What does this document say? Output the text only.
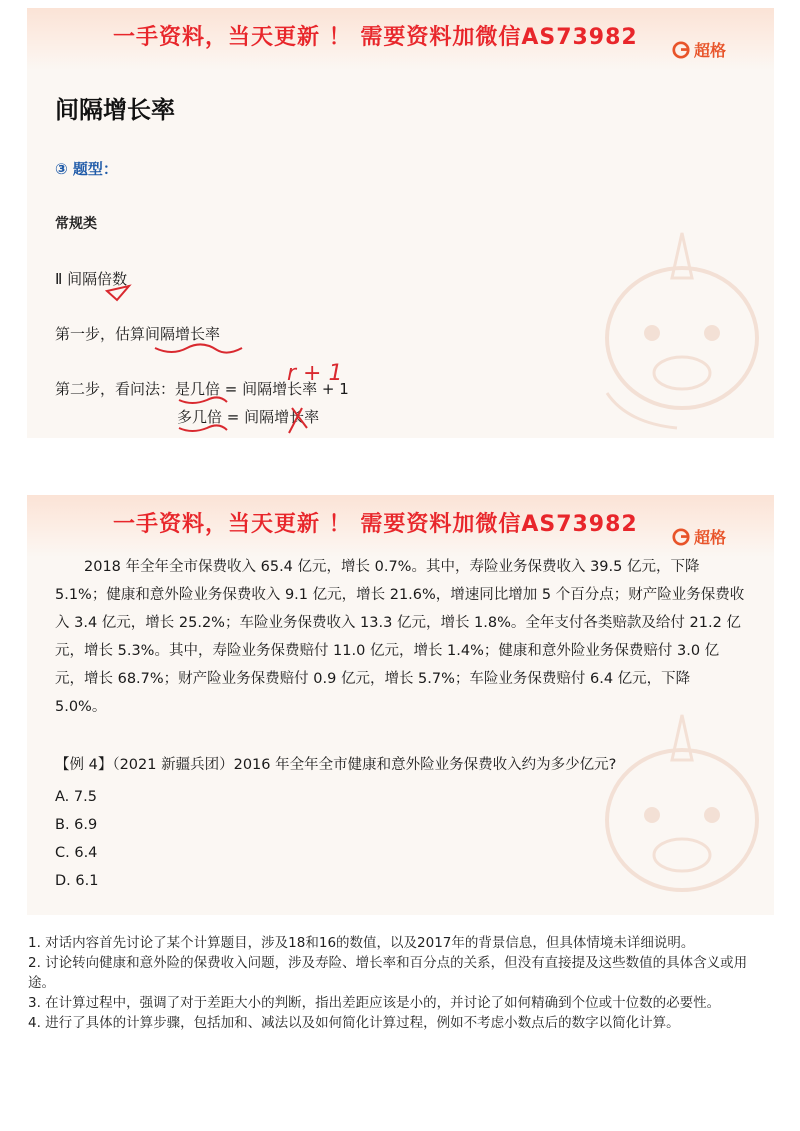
一手资料，当天更新 ！ 需要资料加微信AS73982
超格
间隔增长率
③ 题型：
常规类
Ⅱ 间隔倍数
第一步，估算间隔增长率
第二步，看问法：是几倍 = 间隔增长率 + 1
多几倍 = 间隔增长率
r + 1
一手资料，当天更新 ！ 需要资料加微信AS73982
超格
2018 年全年全市保费收入 65.4 亿元，增长 0.7%。其中，寿险业务保费收入 39.5 亿元，下降 5.1%；健康和意外险业务保费收入 9.1 亿元，增长 21.6%，增速同比增加 5 个百分点；财产险业务保费收入 3.4 亿元，增长 25.2%；车险业务保费收入 13.3 亿元，增长 1.8%。全年支付各类赔款及给付 21.2 亿元，增长 5.3%。其中，寿险业务保费赔付 11.0 亿元，增长 1.4%；健康和意外险业务保费赔付 3.0 亿元，增长 68.7%；财产险业务保费赔付 0.9 亿元，增长 5.7%；车险业务保费赔付 6.4 亿元，下降 5.0%。
【例 4】（2021 新疆兵团）2016 年全年全市健康和意外险业务保费收入约为多少亿元?
A. 7.5
B. 6.9
C. 6.4
D. 6.1

1. 对话内容首先讨论了某个计算题目，涉及18和16的数值，以及2017年的背景信息，但具体情境未详细说明。

2. 讨论转向健康和意外险的保费收入问题，涉及寿险、增长率和百分点的关系，但没有直接提及这些数值的具体含义或用途。

3. 在计算过程中，强调了对于差距大小的判断，指出差距应该是小的，并讨论了如何精确到个位或十位数的必要性。

4. 进行了具体的计算步骤，包括加和、减法以及如何简化计算过程，例如不考虑小数点后的数字以简化计算。
